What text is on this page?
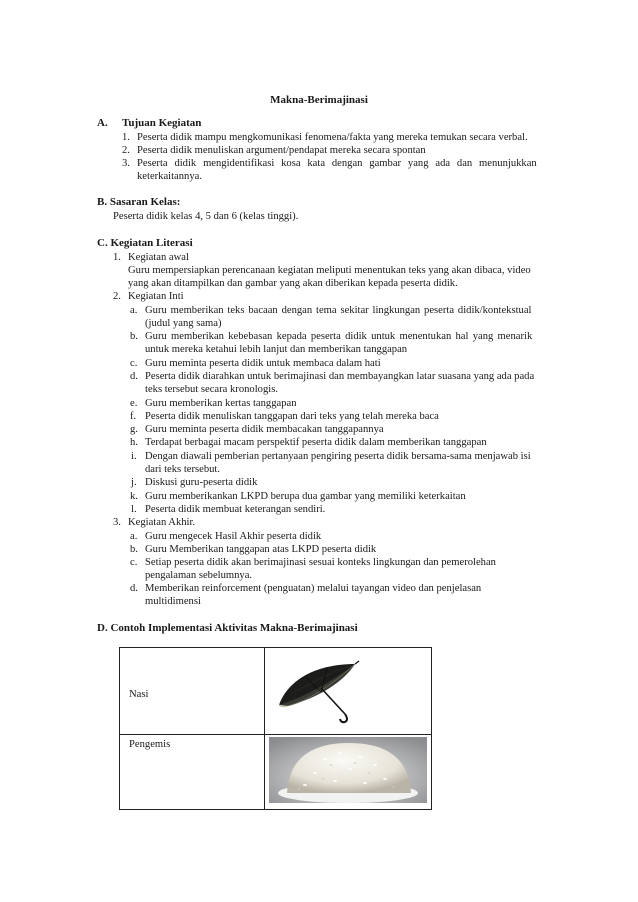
Makna-Berimajinasi
A. Tujuan Kegiatan
1. Peserta didik mampu mengkomunikasi fenomena/fakta yang mereka temukan secara verbal.
2. Peserta didik menuliskan argument/pendapat mereka secara spontan
3. Peserta didik mengidentifikasi kosa kata dengan gambar yang ada dan menunjukkan
keterkaitannya.
B. Sasaran Kelas:
Peserta didik kelas 4, 5 dan 6 (kelas tinggi).
C. Kegiatan Literasi
1. Kegiatan awal
Guru mempersiapkan perencanaan kegiatan meliputi menentukan teks yang akan dibaca, video
yang akan ditampilkan dan gambar yang akan diberikan kepada peserta didik.
2. Kegiatan Inti
a. Guru memberikan teks bacaan dengan tema sekitar lingkungan peserta didik/kontekstual
(judul yang sama)
b. Guru memberikan kebebasan kepada peserta didik untuk menentukan hal yang menarik
untuk mereka ketahui lebih lanjut dan memberikan tanggapan
c. Guru meminta peserta didik untuk membaca dalam hati
d. Peserta didik diarahkan untuk berimajinasi dan membayangkan latar suasana yang ada pada
teks tersebut secara kronologis.
e. Guru memberikan kertas tanggapan
f. Peserta didik menuliskan tanggapan dari teks yang telah mereka baca
g. Guru meminta peserta didik membacakan tanggapannya
h. Terdapat berbagai macam perspektif peserta didik dalam memberikan tanggapan
i. Dengan diawali pemberian pertanyaan pengiring peserta didik bersama-sama menjawab isi
dari teks tersebut.
j. Diskusi guru-peserta didik
k. Guru memberikankan LKPD berupa dua gambar yang memiliki keterkaitan
l. Peserta didik membuat keterangan sendiri.
3. Kegiatan Akhir.
a. Guru mengecek Hasil Akhir peserta didik
b. Guru Memberikan tanggapan atas LKPD peserta didik
c. Setiap peserta didik akan berimajinasi sesuai konteks lingkungan dan pemerolehan
pengalaman sebelumnya.
d. Memberikan reinforcement (penguatan) melalui tayangan video dan penjelasan
multidimensi
D. Contoh Implementasi Aktivitas Makna-Berimajinasi
Nasi

Pengemis
